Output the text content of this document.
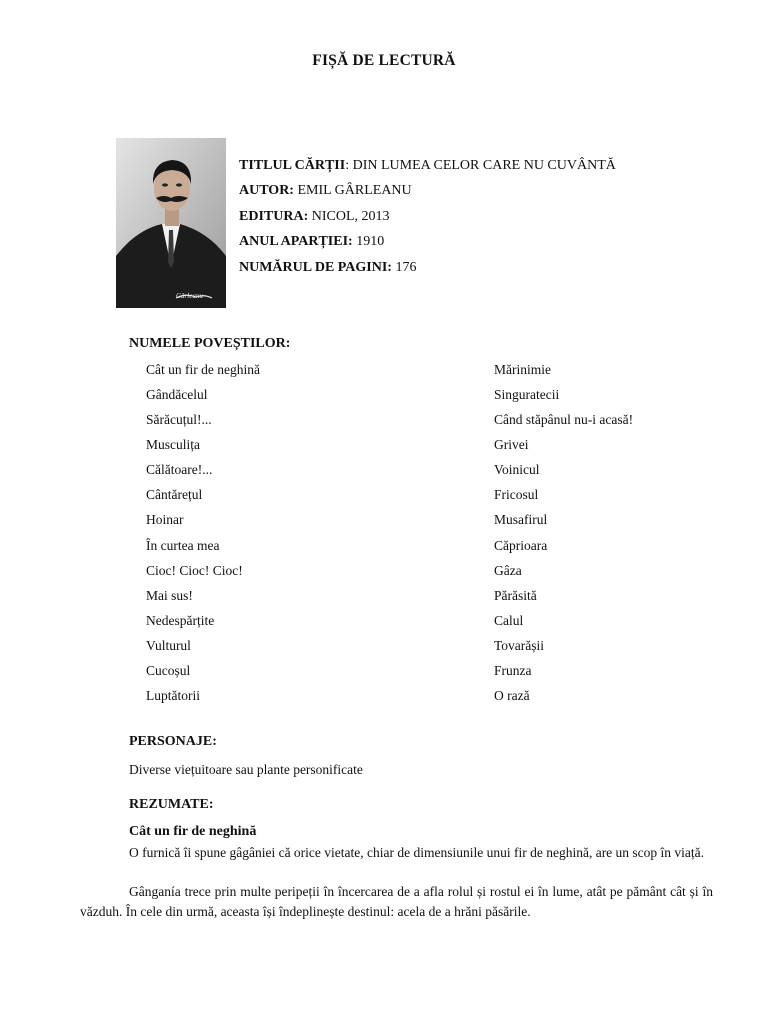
FIȘĂ DE LECTURĂ
Gârleanu
TITLUL CĂRȚII: DIN LUMEA CELOR CARE NU CUVÂNTĂ
AUTOR: EMIL GÂRLEANU
EDITURA: NICOL, 2013
ANUL APARȚIEI: 1910
NUMĂRUL DE PAGINI: 176
NUMELE POVEȘTILOR:
Cât un fir de neghină
Gândăcelul
Sărăcuțul!...
Musculița
Călătoare!...
Cântărețul
Hoinar
În curtea mea
Cioc! Cioc! Cioc!
Mai sus!
Nedespărțite
Vulturul
Cucoșul
Luptătorii
Mărinimie
Singuratecii
Când stăpânul nu-i acasă!
Grivei
Voinicul
Fricosul
Musafirul
Căprioara
Gâza
Părăsită
Calul
Tovarășii
Frunza
O rază
PERSONAJE:
Diverse viețuitoare sau plante personificate
REZUMATE:
Cât un fir de neghină
O furnică îi spune gâgâniei că orice vietate, chiar de dimensiunile unui fir de neghină, are un scop în viață.
Gânganía trece prin multe peripeții în încercarea de a afla rolul și rostul ei în lume, atât pe pământ cât și în văzduh. În cele din urmă, aceasta își îndeplinește destinul: acela de a hrăni păsările.
